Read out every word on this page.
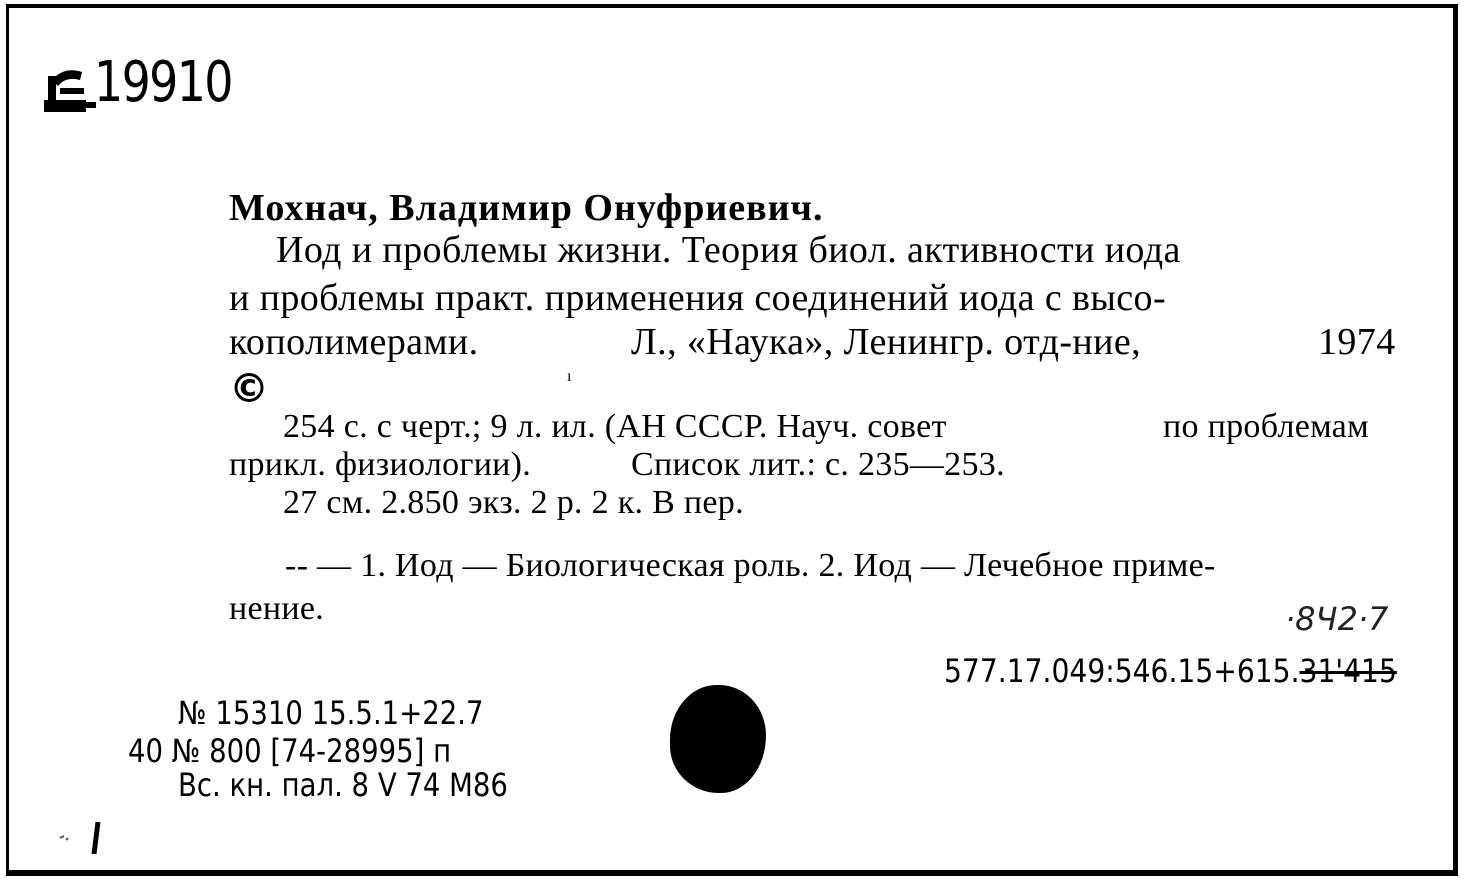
19910
Мохнач, Владимир Онуфриевич.
Иод и проблемы жизни. Теория биол. активности иода
и проблемы практ. применения соединений иода с высо-
кополимерами.	Л., «Наука», Ленингр. отд-ние,	1974
©	ı
254 с. с черт.; 9 л. ил. (АН СССР. Науч. совет	по проблемам
прикл. физиологии).	Список лит.: с. 235—253.
27 см. 2.850 экз. 2 р. 2 к. В пер.
-- — 1. Иод — Биологическая роль. 2. Иод — Лечебное приме-
нение.	·8Ч2·7
577.17.049:546.15+615.31'415
№ 15310 15.5.1+22.7
40 № 800 [74-28995] п
Вс. кн. пал. 8 V 74 М86
